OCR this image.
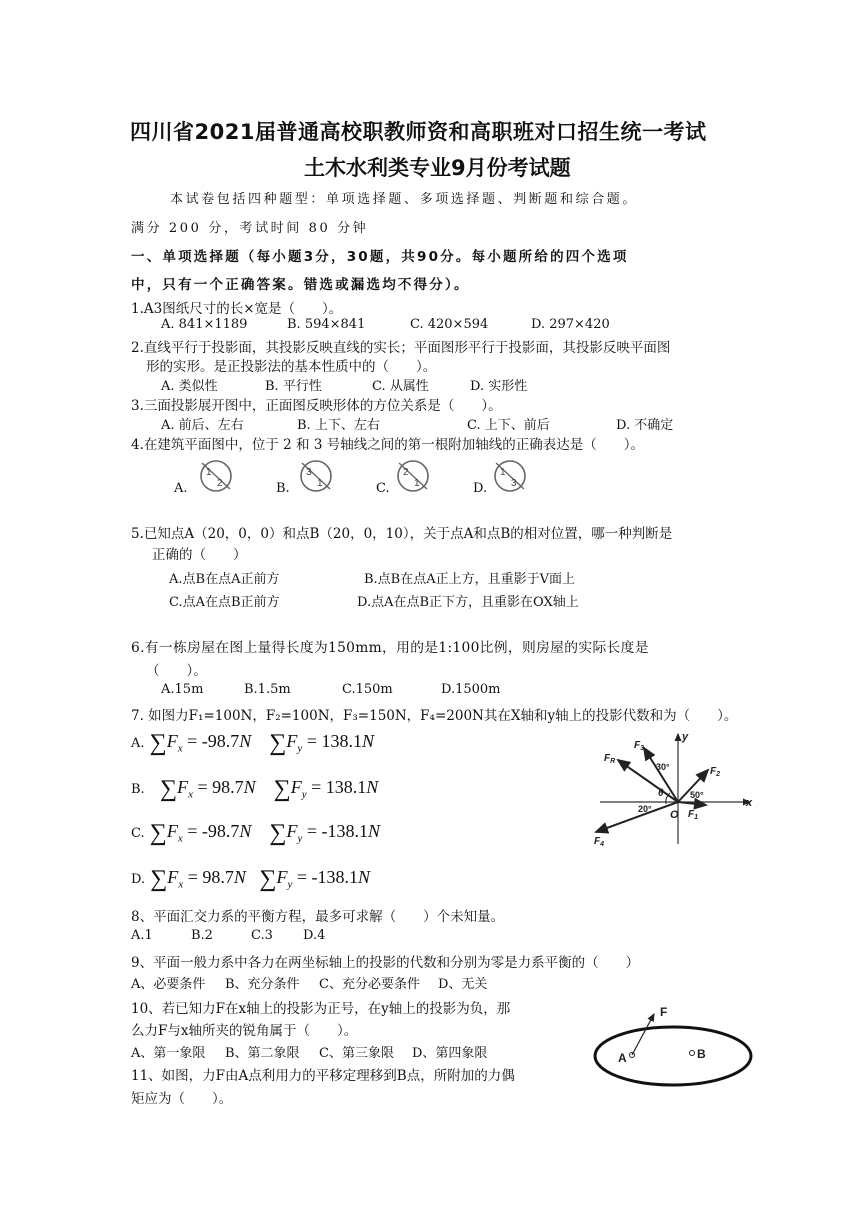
四川省2021届普通高校职教师资和高职班对口招生统一考试
土木水利类专业9月份考试题
本试卷包括四种题型：单项选择题、多项选择题、判断题和综合题。
满分 200 分，考试时间 80 分钟
一、单项选择题（每小题3分，30题，共90分。每小题所给的四个选项
中，只有一个正确答案。错选或漏选均不得分）。
1.A3图纸尺寸的长×宽是（　　）。
A. 841×1189	B. 594×841	C. 420×594	D. 297×420
2.直线平行于投影面，其投影反映直线的实长；平面图形平行于投影面，其投影反映平面图
形的实形。是正投影法的基本性质中的（　　）。
A. 类似性	B. 平行性	C. 从属性	D. 实形性
3.三面投影展开图中，正面图反映形体的方位关系是（　　）。
A. 前后、左右	B. 上下、左右	C. 上下、前后	D. 不确定
4.在建筑平面图中，位于 2 和 3 号轴线之间的第一根附加轴线的正确表达是（　　）。
A.	B.	C.	D.
1
2
3
1
2
1
1
3
5.已知点A（20，0，0）和点B（20，0，10），关于点A和点B的相对位置，哪一种判断是
正确的（　　）
A.点B在点A正前方	B.点B在点A正上方，且重影于V面上
C.点A在点B正前方	D.点A在点B正下方，且重影在OX轴上
6.有一栋房屋在图上量得长度为150mm，用的是1:100比例，则房屋的实际长度是
（　　）。
A.15m	B.1.5m	C.150m	D.1500m
7. 如图力F₁=100N，F₂=100N，F₃=150N，F₄=200N其在X轴和y轴上的投影代数和为（　　）。
A. $\sum F_x = -98.7N$ $\sum F_y = 138.1N$
B. $\sum F_x = 98.7N$ $\sum F_y = 138.1N$
C. $\sum F_x = -98.7N$ $\sum F_y = -138.1N$
D. $\sum F_x = 98.7N$ $\sum F_y = -138.1N$
x
y
$F_3$
$F_R$
$F_2$
$F_1$
$F_4$
30°
50°
20°
θ
O
8、平面汇交力系的平衡方程，最多可求解（　　）个未知量。
A.1	B.2	C.3 D.4
9、平面一般力系中各力在两坐标轴上的投影的代数和分别为零是力系平衡的（　　）
A、必要条件 B、充分条件 C、充分必要条件 D、无关
10、若已知力F在x轴上的投影为正号，在y轴上的投影为负，那
么力F与x轴所夹的锐角属于（　　）。
A、第一象限 B、第二象限 C、第三象限 D、第四象限
11、如图，力F由A点利用力的平移定理移到B点，所附加的力偶
矩应为（　　）。
F
A	B
